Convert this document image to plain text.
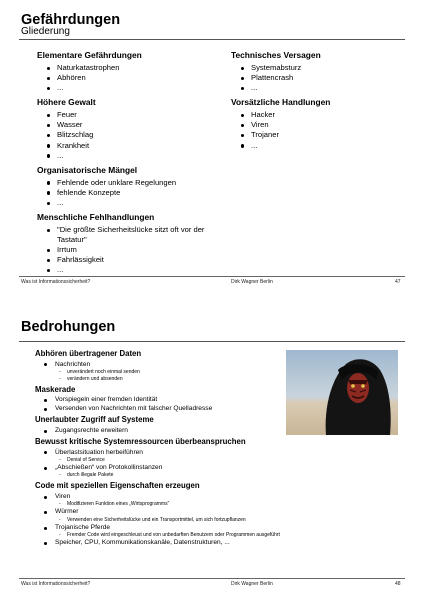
Gefährdungen
Gliederung
Elementare Gefährdungen
Naturkatastrophen
Abhören
...
Höhere Gewalt
Feuer
Wasser
Blitzschlag
Krankheit
...
Organisatorische Mängel
Fehlende oder unklare Regelungen
fehlende Konzepte
...
Menschliche Fehlhandlungen
"Die größte Sicherheitslücke sitzt oft vor der Tastatur"
Irrtum
Fahrlässigkeit
...
Technisches Versagen
Systemabsturz
Plattencrash
...
Vorsätzliche Handlungen
Hacker
Viren
Trojaner
...
Was ist Informationssicherheit?	Dirk Wagner Berlin	47
Bedrohungen
Abhören übertragener Daten
Nachrichten
- unverändert noch einmal senden
- verändern und absenden
Maskerade
Vorspiegeln einer fremden Identität
Versenden von Nachrichten mit falscher Quelladresse
Unerlaubter Zugriff auf Systeme
Zugangsrechte erweitern
Bewusst kritische Systemressourcen überbeanspruchen
Überlastsituation herbeiführen
- Denial of Service
„Abschießen“ von Protokollinstanzen
- durch illegale Pakete
Code mit speziellen Eigenschaften erzeugen
Viren
- Modifizieren Funktion eines „Wirtsprogramms“
Würmer
- Verwenden eine Sicherheitslücke und ein Transportmittel, um sich fortzupflanzen
Trojanische Pferde
- Fremder Code wird eingeschleust und von unbedarften Benutzern oder Programmen ausgeführt
Speicher, CPU, Kommunikationskanäle, Datenstrukturen, ...
Was ist Informationssicherheit?	Dirk Wagner Berlin	48
